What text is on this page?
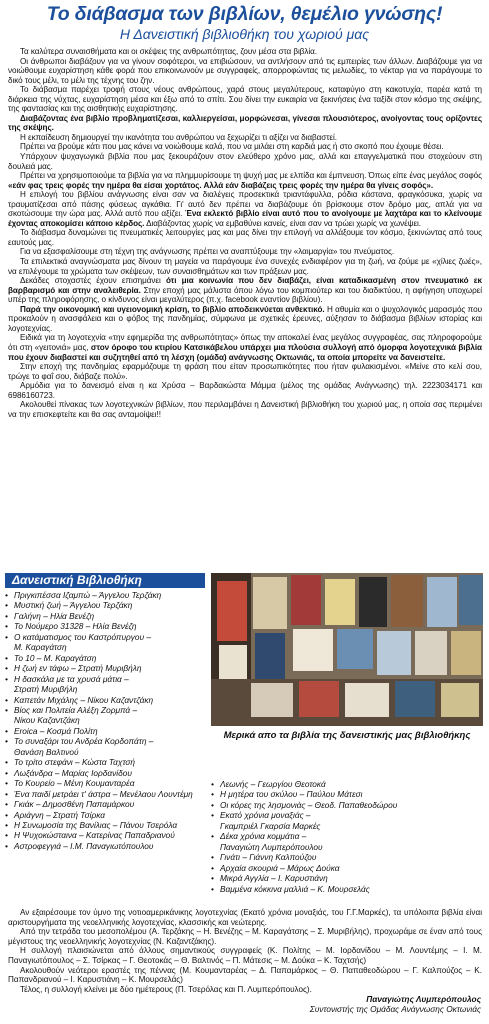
Το διάβασμα των βιβλίων, θεμέλιο γνώσης!
Η Δανειστική βιβλιοθήκη του χωριού μας

Τα καλύτερα συναισθήματα και οι σκέψεις της ανθρωπότητας, ζουν μέσα στα βιβλία.

Οι άνθρωποι διαβάζουν για να γίνουν σοφότεροι, να επιβιώσουν, να αντλήσουν από τις εμπειρίες των άλλων. Διαβάζουμε για να νοιώθουμε ευχαρίστηση κάθε φορά που επικοινωνούν με συγγραφείς, απορροφώντας τις μελωδίες, το νέκταρ για να παράγουμε το δικό τους μέλι, το μέλι της τέχνης του ζην.

Το διάβασμα παρέχει τροφή στους νέους ανθρώπους, χαρά στους μεγαλύτερους, καταφύγιο στη κακοτυχία, παρέα κατά τη διάρκεια της νύχτας, ευχαρίστηση μέσα και έξω από το σπίτι. Σου δίνει την ευκαιρία να ξεκινήσεις ένα ταξίδι στον κόσμο της σκέψης, της φαντασίας και της αισθητικής ευχαρίστησης.

Διαβάζοντας ένα βιβλίο προβληματίζεσαι, καλλιεργείσαι, μορφώνεσαι, γίνεσαι πλουσιότερος, ανοίγοντας τους ορίζοντες της σκέψης.

Η εκπαίδευση δημιουργεί την ικανότητα του ανθρώπου να ξεχωρίζει τι αξίζει να διαβαστεί.

Πρέπει να βρούμε κάτι που μας κάνει να νοιώθουμε καλά, που να μιλάει στη καρδιά μας ή στο σκοπό που έχουμε θέσει.

Υπάρχουν ψυχαγωγικά βιβλία που μας ξεκουράζουν στον ελεύθερο χρόνο μας, αλλά και επαγγελματικά που στοχεύουν στη δουλειά μας.

Πρέπει να χρησιμοποιούμε τα βιβλία για να πλημμυρίσουμε τη ψυχή μας με ελπίδα και έμπνευση. Όπως είπε ένας μεγάλος σοφός «εάν φας τρεις φορές την ημέρα θα είσαι χορτάτος. Αλλά εάν διαβάζεις τρεις φορές την ημέρα θα γίνεις σοφός».

Η επιλογή του βιβλίου ανάγνωσης είναι σαν να διαλέγεις προσεκτικά τριαντάφυλλα, ρόδια κάστανα, φραγκόσυκα, χωρίς να τραυματίζεσαι από πάσης φύσεως αγκάθια. Γι' αυτό δεν πρέπει να διαβάζουμε ότι βρίσκουμε στον δρόμο μας, απλά για να σκοτώσουμε την ώρα μας. Αλλά αυτό που αξίζει. Ένα εκλεκτό βιβλίο είναι αυτό που το ανοίγουμε με λαχτάρα και το κλείνουμε έχοντας αποκομίσει κάποιο κέρδος. Διαβάζοντας χωρίς να εμβαθύνει κανείς, είναι σαν να τρώει χωρίς να χωνέψει.

Το διάβασμα δυναμώνει τις πνευματικές λειτουργίες μας και μας δίνει την επιλογή να αλλάξουμε τον κόσμο, ξεκινώντας από τους εαυτούς μας.

Για να εξασφαλίσουμε στη τέχνη της ανάγνωσης πρέπει να αναπτύξουμε την «λαιμαργία» του πνεύματος.

Τα επιλεκτικά αναγνώσματα μας δίνουν τη μαγεία να παράγουμε ένα συνεχές ενδιαφέρον για τη ζωή, να ζούμε με «χίλιες ζωές», να επιλέγουμε τα χρώματα των σκέψεων, των συναισθημάτων και των πράξεων μας.

Δεκάδες στοχαστές έχουν επισημάνει ότι μια κοινωνία που δεν διαβάζει, είναι καταδικασμένη στον πνευματικό εκ βαρβαρισμό και στην αναλειθερία. Στην εποχή μας μάλιστα όπου λόγω του κομπιούτερ και του διαδικτύου, η αφήγηση υποχωρεί υπέρ της πληροφόρησης, ο κίνδυνος είναι μεγαλύτερος (π.χ. facebook εναντίον βιβλίου).

Παρά την οικονομική και υγειονομική κρίση, το βιβλίο αποδεικνύεται ανθεκτικό. Η αθυμία και ο ψυχολογικός μαρασμός που προκαλούν η ανασφάλεια και ο φόβος της πανδημίας, σύμφωνα με σχετικές έρευνες, αύξησαν το διάβασμα βιβλίων ιστορίας και λογοτεχνίας.

Ειδικά για τη λογοτεχνία «την εφημερίδα της ανθρωπότητας» όπως την αποκαλεί ένας μεγάλος συγγραφέας, σας πληροφορούμε ότι στη «γειτονιά» μας, στον όροφο του κτιρίου Κατσικάβελου υπάρχει μια πλούσια συλλογή από όμορφα λογοτεχνικά βιβλία που έχουν διαβαστεί και συζητηθεί από τη λέσχη (ομάδα) ανάγνωσης Οκτωνιάς, τα οποία μπορείτε να δανειστείτε.

Στην εποχή της πανδημίας εφαρμόζουμε τη φράση που είταν προσωπικότητες που ήταν φυλακισμένοι. «Μείνε στο κελί σου, τρώγε το φαΐ σου, διάβαζε πολύ».

Αρμόδια για το δανεισμό είναι η κα Χρύσα – Βαρδακώστα Μάμμα (μέλος της ομάδας Ανάγνωσης) τηλ. 2223034171 και 6986160723.

Ακολουθεί πίνακας των λογοτεχνικών βιβλίων, που περιλαμβάνει η Δανειστική βιβλιοθήκη του χωριού μας, η οποία σας περιμένει να την επισκεφτείτε και θα σας ανταμοίψει!!

Δανειστική Βιβλιοθήκη
• Πριγκιπέσσα Ιζαμπώ – Άγγελου Τερζάκη
• Μυστική ζωή – Άγγελου Τερζάκη
• Γαλήνη – Ηλία Βενέζη
• Το Νούμερο 31328 – Ηλία Βενέζη
• Ο κατάματισμος του Καστρόπυργου –
Μ. Καραγάτση
• Το 10 – Μ. Καραγάτση
• Η ζωή εν τάφω – Στρατή Μυριβήλη
• Η δασκάλα με τα χρυσά μάτια –
Στρατή Μυριβήλη
• Καπετάν Μιχάλης – Νίκου Καζαντζάκη
• Βίος και Πολιτεία Αλέξη Ζορμπά –
Νίκου Καζαντζάκη
• Eroica – Κοσμά Πολίτη
• Το συναξάρι του Ανδρέα Κορδοπάτη –
Θανάση Βαλτινού
• Το τρίτο στεφάνι – Κώστα Ταχτσή
• Λωξάνδρα – Μαρίας Ιορδανίδου
• Το Κουρείο – Μένη Κουμανταρέα
• Ένα παιδί μετράει τ' άστρα – Μενέλαου Λουντέμη
• Γκιάκ – Δημοσθένη Παπαμάρκου
• Αριάγνη – Στρατή Τσίρκα
• Η Συνωμοσία της Βανίλιας – Πάνου Τσερόλα
• Η Ψυχοκώσταινα – Κατερίνας Παπαδριανού
• Αστροφεγγιά – Ι.Μ. Παναγιωτόπουλου
Μερικά απο τα βιβλία της δανειστικής μας βιβλιοθήκης
• Λεωνής – Γεωργίου Θεοτοκά
• Η μητέρα του σκύλου – Παύλου Μάτεσι
• Οι κόρες της λησμονιάς – Θεοδ. Παπαθεοδώρου
• Εκατό χρόνια μοναξιάς –
Γκαμπριέλ Γκαρσία Μαρκές
• Δέκα χρόνια κομμάτια –
Παναγιώτη Λυμπερόπουλου
• Γινάτι – Γιάννη Καλπούζου
• Αρχαία σκουριά – Μάρως Δούκα
• Μικρά Αγγλία – Ι. Καρυστιάνη
• Βαμμένα κόκκινα μαλλιά – Κ. Μουρσελάς

Αν εξαιρέσουμε τον ύμνο της νοτιοαμερικάνικης λογοτεχνίας (Εκατό χρόνια μοναξιάς, του Γ.Γ.Μαρκές), τα υπόλοιπα βιβλία είναι αριστουργήματα της νεοελληνικής λογοτεχνίας, κλασσικής και νεώτερης.

Από την τετράδα του μεσοπολέμου (Α. Τερζάκης – Η. Βενέζης – Μ. Καραγάτσης – Σ. Μυριβήλης), προχωράμε σε έναν από τους μέγιστους της νεοελληνικής λογοτεχνίας (Ν. Καζαντζάκης).

Η συλλογή πλαισιώνεται από άλλους σημαντικούς συγγραφείς (Κ. Πολίτης – Μ. Ιορδανίδου – Μ. Λουντέμης – Ι. Μ. Παναγιωτόπουλος – Σ. Τσίρκας – Γ. Θεοτοκάς – Θ. Βαλτινός – Π. Μάτεσις – Μ. Δούκα – Κ. Ταχτσής)

Ακολουθούν νεότεροι εραστές της πέννας (Μ. Κουμανταρέας – Δ. Παπαμάρκος – Θ. Παπαθεοδώρου – Γ. Καλπούζος – Κ. Παπανδριανού – Ι. Καρυστιάνη – Κ. Μουρσελάς)

Τέλος, η συλλογή κλείνει με δύο ημέτερους (Π. Τσερόλας και Π. Λυμπερόπουλος).

Παναγιώτης Λυμπερόπουλος
Συντονιστής της Ομάδας Ανάγνωσης Οκτωνιάς
